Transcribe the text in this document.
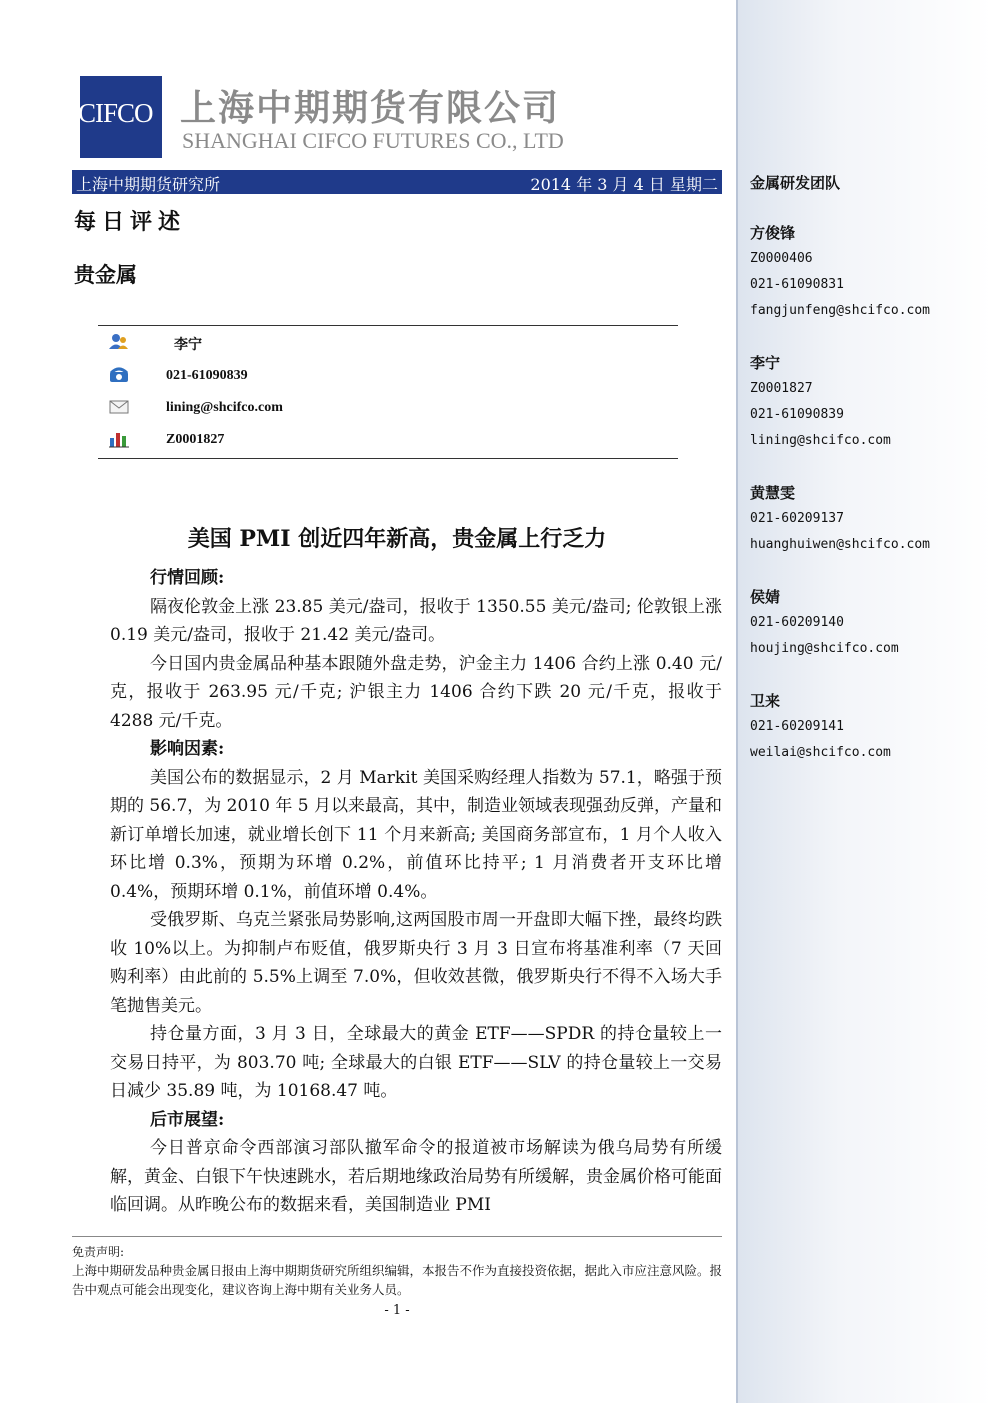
CIFCO 上海中期期货有限公司
SHANGHAI CIFCO FUTURES CO., LTD
上海中期期货研究所	2014 年 3 月 4 日 星期二
每日评述
贵金属
李宁
021-61090839
lining@shcifco.com
Z0001827
美国 PMI 创近四年新高，贵金属上行乏力
行情回顾:

隔夜伦敦金上涨 23.85 美元/盎司，报收于 1350.55 美元/盎司; 伦敦银上涨 0.19 美元/盎司，报收于 21.42 美元/盎司。

今日国内贵金属品种基本跟随外盘走势，沪金主力 1406 合约上涨 0.40 元/克，报收于 263.95 元/千克; 沪银主力 1406 合约下跌 20 元/千克，报收于 4288 元/千克。

影响因素:

美国公布的数据显示，2 月 Markit 美国采购经理人指数为 57.1，略强于预期的 56.7，为 2010 年 5 月以来最高，其中，制造业领域表现强劲反弹，产量和新订单增长加速，就业增长创下 11 个月来新高; 美国商务部宣布，1 月个人收入环比增 0.3%，预期为环增 0.2%，前值环比持平; 1 月消费者开支环比增 0.4%，预期环增 0.1%，前值环增 0.4%。

受俄罗斯、乌克兰紧张局势影响,这两国股市周一开盘即大幅下挫，最终均跌收 10%以上。为抑制卢布贬值，俄罗斯央行 3 月 3 日宣布将基准利率（7 天回购利率）由此前的 5.5%上调至 7.0%，但收效甚微，俄罗斯央行不得不入场大手笔抛售美元。

持仓量方面，3 月 3 日，全球最大的黄金 ETF——SPDR 的持仓量较上一交易日持平，为 803.70 吨; 全球最大的白银 ETF——SLV 的持仓量较上一交易日减少 35.89 吨，为 10168.47 吨。

后市展望:

今日普京命令西部演习部队撤军命令的报道被市场解读为俄乌局势有所缓解，黄金、白银下午快速跳水，若后期地缘政治局势有所缓解，贵金属价格可能面临回调。从昨晚公布的数据来看，美国制造业 PMI

免责声明:
上海中期研发品种贵金属日报由上海中期期货研究所组织编辑，本报告不作为直接投资依据，据此入市应注意风险。报告中观点可能会出现变化，建议咨询上海中期有关业务人员。
- 1 -
金属研发团队
方俊锋
Z0000406
021-61090831
fangjunfeng@shcifco.com
李宁
Z0001827
021-61090839
lining@shcifco.com
黄慧雯
021-60209137
huanghuiwen@shcifco.com
侯婧
021-60209140
houjing@shcifco.com
卫来
021-60209141
weilai@shcifco.com
